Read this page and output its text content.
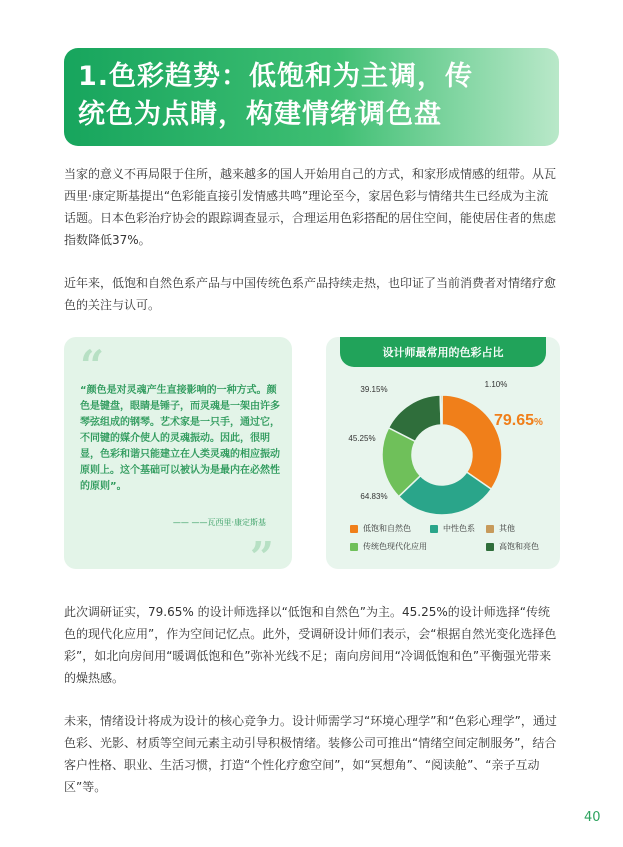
1.色彩趋势：低饱和为主调，传
统色为点睛，构建情绪调色盘

当家的意义不再局限于住所，越来越多的国人开始用自己的方式，和家形成情感的纽带。从瓦西里·康定斯基提出“色彩能直接引发情感共鸣”理论至今，家居色彩与情绪共生已经成为主流话题。日本色彩治疗协会的跟踪调查显示，合理运用色彩搭配的居住空间，能使居住者的焦虑指数降低37%。

近年来，低饱和自然色系产品与中国传统色系产品持续走热，也印证了当前消费者对情绪疗愈色的关注与认可。

“

“颜色是对灵魂产生直接影响的一种方式。颜色是键盘，眼睛是锤子，而灵魂是一架由许多琴弦组成的钢琴。艺术家是一只手，通过它，不同键的媒介使人的灵魂振动。因此，很明显，色彩和谐只能建立在人类灵魂的相应振动原则上。这个基础可以被认为是最内在必然性的原则”。

—— ——瓦西里·康定斯基

”
设计师最常用的色彩占比
64.83%
45.25%
39.15%
1.10%
79.65%
低饱和自然色	中性色系	其他
传统色现代化应用	高饱和亮色

此次调研证实，79.65% 的设计师选择以“低饱和自然色”为主。45.25%的设计师选择“传统色的现代化应用”，作为空间记忆点。此外，受调研设计师们表示，会“根据自然光变化选择色彩”，如北向房间用“暖调低饱和色”弥补光线不足；南向房间用“冷调低饱和色”平衡强光带来的燥热感。

未来，情绪设计将成为设计的核心竞争力。设计师需学习“环境心理学”和“色彩心理学”，通过色彩、光影、材质等空间元素主动引导积极情绪。装修公司可推出“情绪空间定制服务”，结合客户性格、职业、生活习惯，打造“个性化疗愈空间”，如“冥想角”、“阅读舱”、“亲子互动区”等。

40
